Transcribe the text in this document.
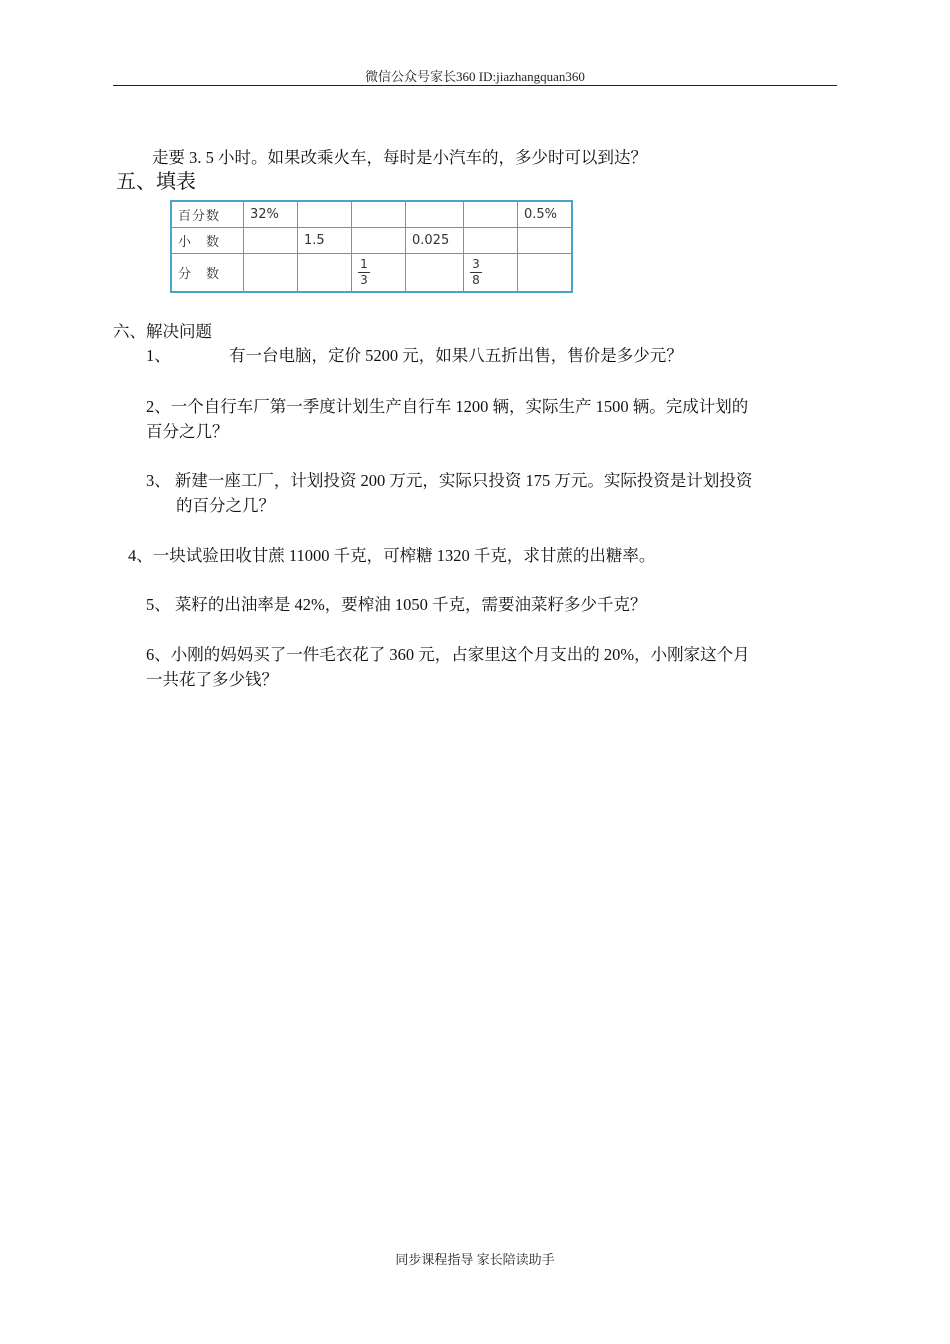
微信公众号家长360 ID:jiazhangquan360
走要 3. 5 小时。如果改乘火车，每时是小汽车的，多少时可以到达？
五、填表
百分数	32%					0.5%
小　数		1.5		0.025		
分　数			$\frac{1}{3}$		$\frac{3}{8}$

六、解决问题
1、	有一台电脑，定价 5200 元，如果八五折出售，售价是多少元？
2、一个自行车厂第一季度计划生产自行车 1200 辆，实际生产 1500 辆。完成计划的
百分之几？
3、 新建一座工厂，计划投资 200 万元，实际只投资 175 万元。实际投资是计划投资
的百分之几？
4、一块试验田收甘蔗 11000 千克，可榨糖 1320 千克，求甘蔗的出糖率。
5、 菜籽的出油率是 42%，要榨油 1050 千克，需要油菜籽多少千克？
6、小刚的妈妈买了一件毛衣花了 360 元，占家里这个月支出的 20%，小刚家这个月
一共花了多少钱？
同步课程指导 家长陪读助手
